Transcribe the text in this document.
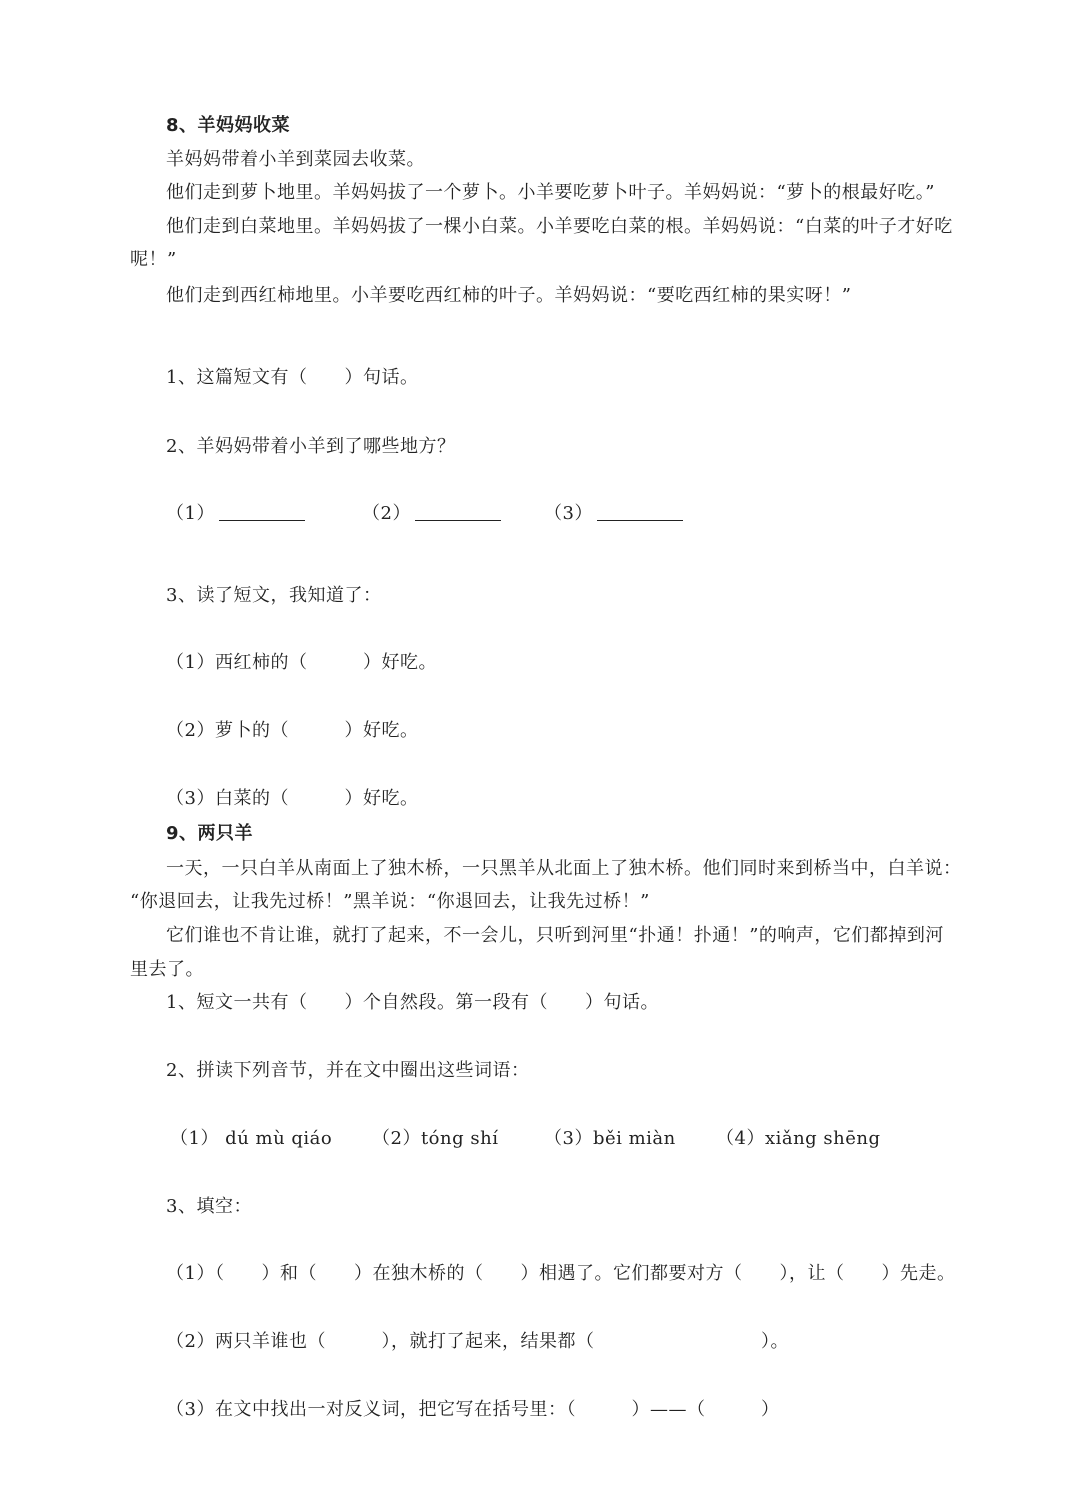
8、羊妈妈收菜
羊妈妈带着小羊到菜园去收菜。
他们走到萝卜地里。羊妈妈拔了一个萝卜。小羊要吃萝卜叶子。羊妈妈说：“萝卜的根最好吃。”
他们走到白菜地里。羊妈妈拔了一棵小白菜。小羊要吃白菜的根。羊妈妈说：“白菜的叶子才好吃
呢！”
他们走到西红柿地里。小羊要吃西红柿的叶子。羊妈妈说：“要吃西红柿的果实呀！”
1、这篇短文有（　　）句话。
2、羊妈妈带着小羊到了哪些地方？
（1）	（2）	（3）
3、读了短文，我知道了：
（1）西红柿的（　　　）好吃。
（2）萝卜的（　　　）好吃。
（3）白菜的（　　　）好吃。
9、两只羊
一天，一只白羊从南面上了独木桥，一只黑羊从北面上了独木桥。他们同时来到桥当中，白羊说：
“你退回去，让我先过桥！”黑羊说：“你退回去，让我先过桥！”
它们谁也不肯让谁，就打了起来，不一会儿，只听到河里“扑通！扑通！”的响声，它们都掉到河
里去了。
1、短文一共有（　　）个自然段。第一段有（　　）句话。
2、拼读下列音节，并在文中圈出这些词语：
（1） dú mù qiáo （2）tóng shí	（3）běi miàn （4）xiǎng shēng
3、填空：
（1）（　　）和（　　）在独木桥的（　　）相遇了。它们都要对方（　　），让（　　）先走。
（2）两只羊谁也（　　　），就打了起来，结果都（　　　　　　　　　）。
（3）在文中找出一对反义词，把它写在括号里：（　　　）——（　　　）
